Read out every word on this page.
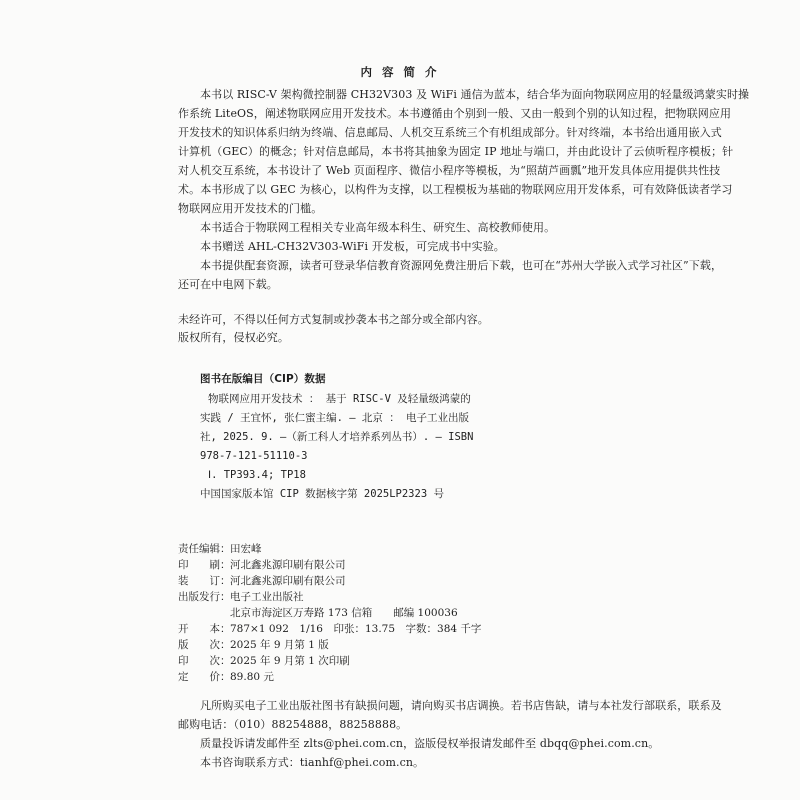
内 容 简 介

本书以 RISC-V 架构微控制器 CH32V303 及 WiFi 通信为蓝本，结合华为面向物联网应用的轻量级鸿蒙实时操

作系统 LiteOS，阐述物联网应用开发技术。本书遵循由个别到一般、又由一般到个别的认知过程，把物联网应用

开发技术的知识体系归纳为终端、信息邮局、人机交互系统三个有机组成部分。针对终端，本书给出通用嵌入式

计算机（GEC）的概念；针对信息邮局，本书将其抽象为固定 IP 地址与端口，并由此设计了云侦听程序模板；针

对人机交互系统，本书设计了 Web 页面程序、微信小程序等模板，为“照葫芦画瓢”地开发具体应用提供共性技

术。本书形成了以 GEC 为核心，以构件为支撑，以工程模板为基础的物联网应用开发体系，可有效降低读者学习

物联网应用开发技术的门槛。

本书适合于物联网工程相关专业高年级本科生、研究生、高校教师使用。

本书赠送 AHL-CH32V303-WiFi 开发板，可完成书中实验。

本书提供配套资源，读者可登录华信教育资源网免费注册后下载，也可在“苏州大学嵌入式学习社区”下载，

还可在中电网下载。

未经许可，不得以任何方式复制或抄袭本书之部分或全部内容。

版权所有，侵权必究。

图书在版编目（CIP）数据

物联网应用开发技术 ： 基于 RISC-V 及轻量级鸿蒙的

实践 / 王宜怀, 张仁蜜主编. — 北京 ： 电子工业出版

社, 2025. 9. —（新工科人才培养系列丛书）. — ISBN

978-7-121-51110-3

Ⅰ. TP393.4; TP18

中国国家版本馆 CIP 数据核字第 2025LP2323 号

责任编辑：田宏峰
印　　刷：河北鑫兆源印刷有限公司
装　　订：河北鑫兆源印刷有限公司
出版发行：电子工业出版社
北京市海淀区万寿路 173 信箱　　邮编 100036
开　　本：787×1 092　1/16　印张：13.75　字数：384 千字
版　　次：2025 年 9 月第 1 版
印　　次：2025 年 9 月第 1 次印刷
定　　价：89.80 元

凡所购买电子工业出版社图书有缺损问题，请向购买书店调换。若书店售缺，请与本社发行部联系，联系及

邮购电话：（010）88254888，88258888。

质量投诉请发邮件至 zlts@phei.com.cn，盗版侵权举报请发邮件至 dbqq@phei.com.cn。

本书咨询联系方式：tianhf@phei.com.cn。
